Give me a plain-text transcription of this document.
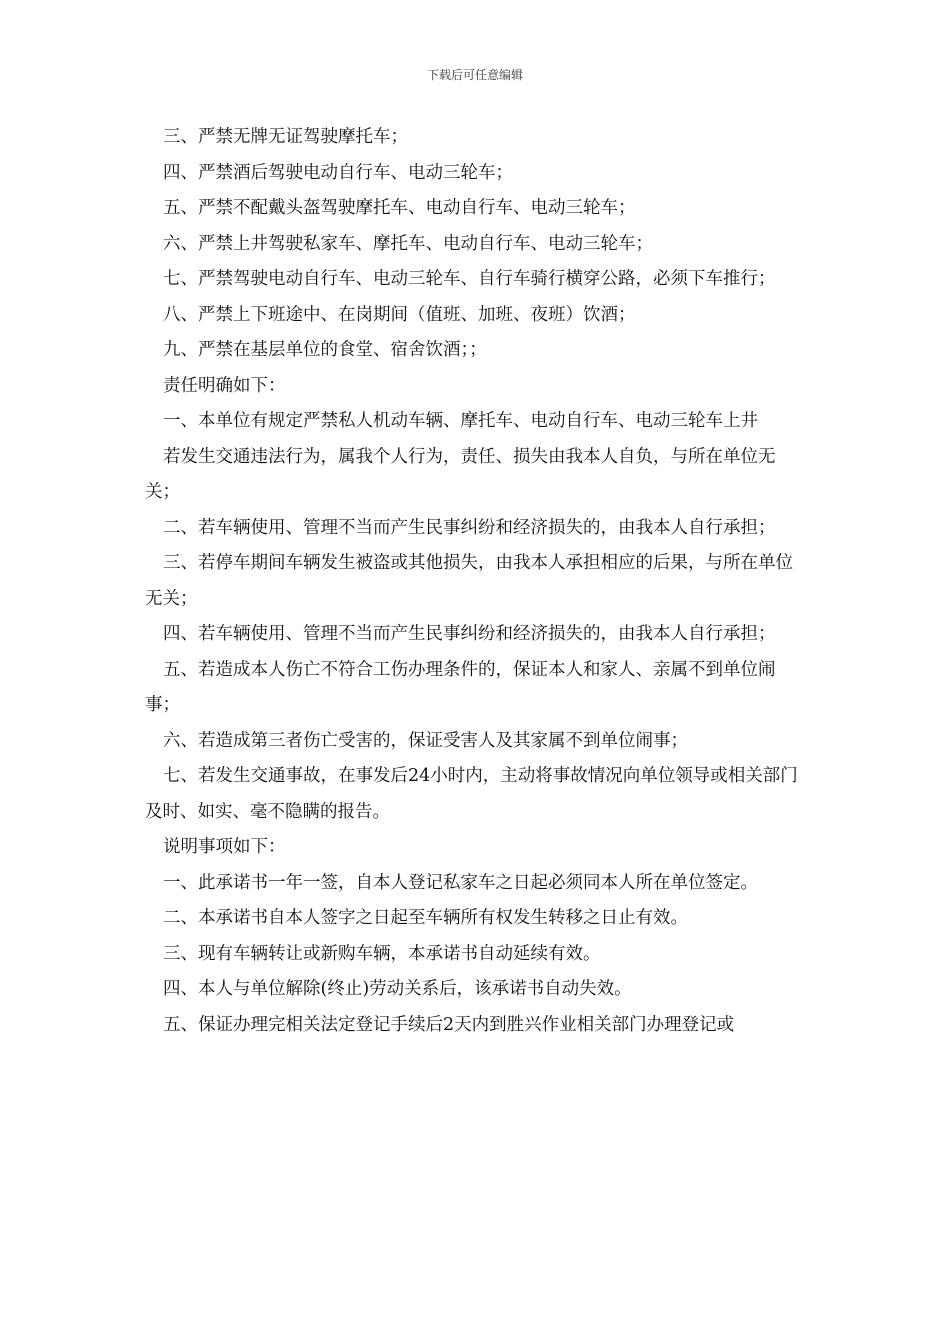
下载后可任意编辑

三、严禁无牌无证驾驶摩托车；

四、严禁酒后驾驶电动自行车、电动三轮车；

五、严禁不配戴头盔驾驶摩托车、电动自行车、电动三轮车；

六、严禁上井驾驶私家车、摩托车、电动自行车、电动三轮车；

七、严禁驾驶电动自行车、电动三轮车、自行车骑行横穿公路，必须下车推行；

八、严禁上下班途中、在岗期间（值班、加班、夜班）饮酒；

九、严禁在基层单位的食堂、宿舍饮酒；；

责任明确如下：

一、本单位有规定严禁私人机动车辆、摩托车、电动自行车、电动三轮车上井

若发生交通违法行为，属我个人行为，责任、损失由我本人自负，与所在单位无关；

二、若车辆使用、管理不当而产生民事纠纷和经济损失的，由我本人自行承担；

三、若停车期间车辆发生被盗或其他损失，由我本人承担相应的后果，与所在单位无关；

四、若车辆使用、管理不当而产生民事纠纷和经济损失的，由我本人自行承担；

五、若造成本人伤亡不符合工伤办理条件的，保证本人和家人、亲属不到单位闹事；

六、若造成第三者伤亡受害的，保证受害人及其家属不到单位闹事；

七、若发生交通事故，在事发后24小时内，主动将事故情况向单位领导或相关部门及时、如实、毫不隐瞒的报告。

说明事项如下：

一、此承诺书一年一签，自本人登记私家车之日起必须同本人所在单位签定。

二、本承诺书自本人签字之日起至车辆所有权发生转移之日止有效。

三、现有车辆转让或新购车辆，本承诺书自动延续有效。

四、本人与单位解除(终止)劳动关系后，该承诺书自动失效。

五、保证办理完相关法定登记手续后2天内到胜兴作业相关部门办理登记或
